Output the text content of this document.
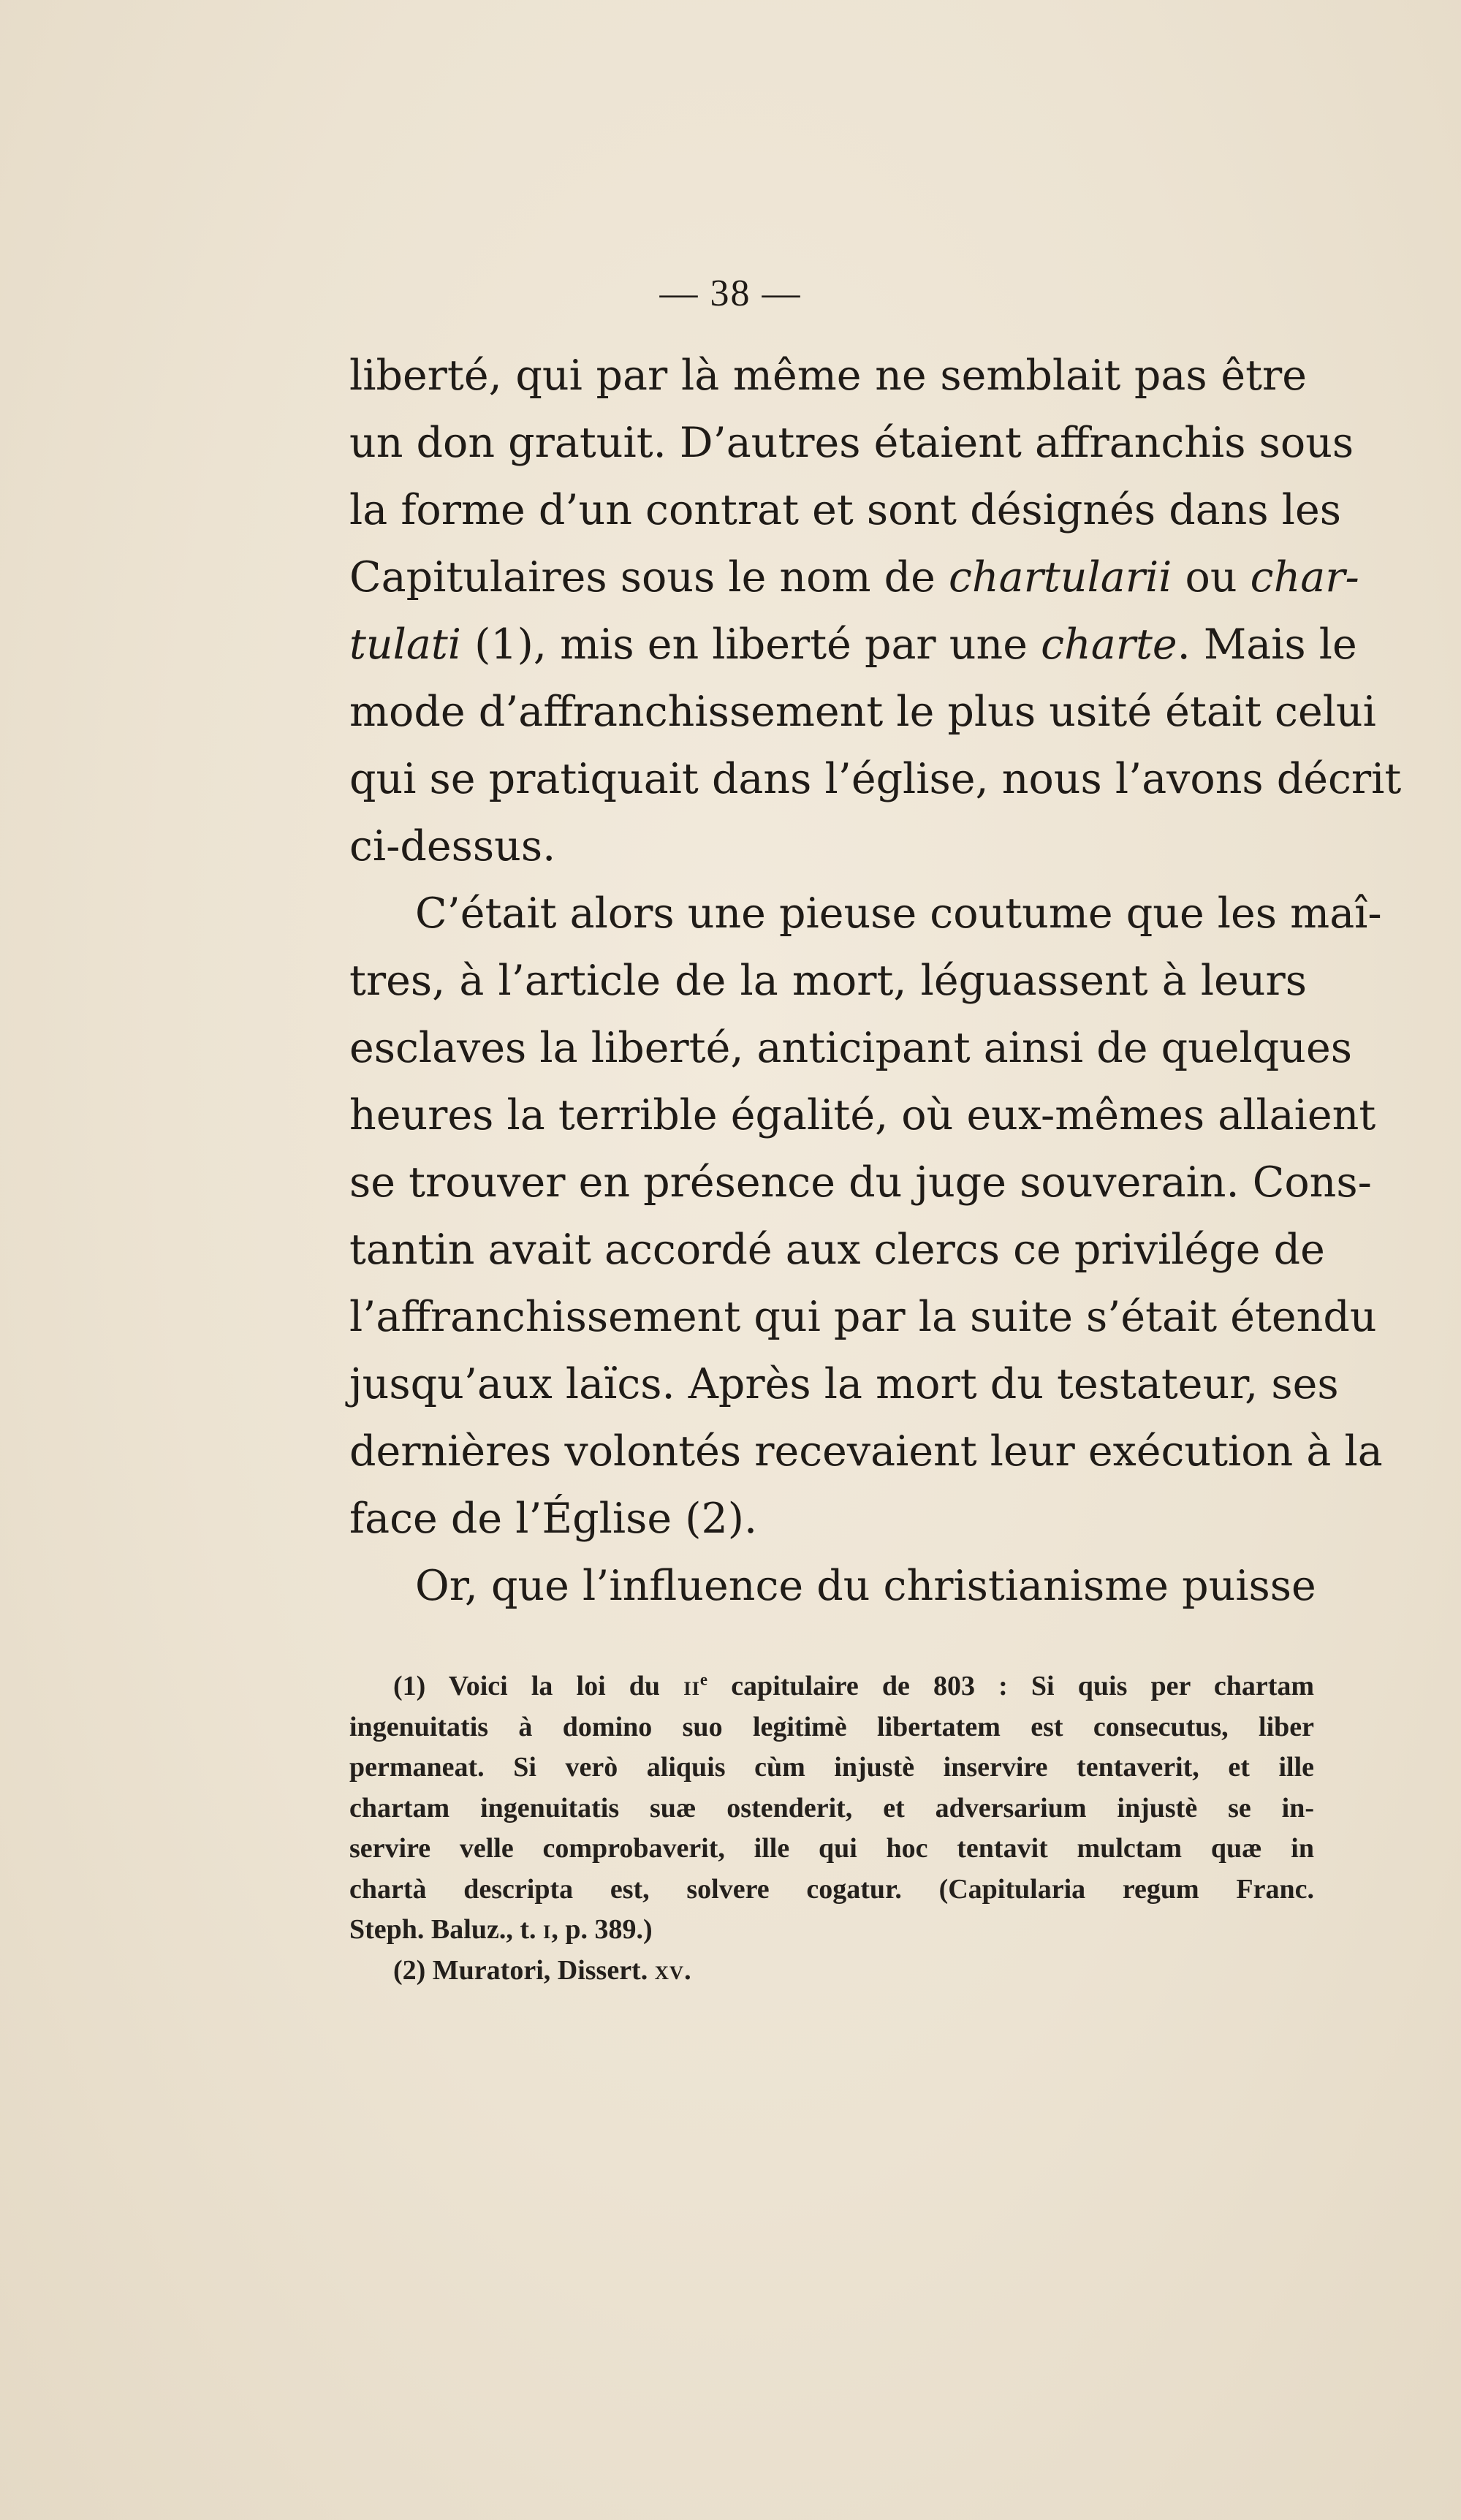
— 38 —
liberté, qui par là même ne semblait pas être
un don gratuit. D’autres étaient affranchis sous
la forme d’un contrat et sont désignés dans les
Capitulaires sous le nom de chartularii ou char-
tulati (1), mis en liberté par une charte. Mais le
mode d’affranchissement le plus usité était celui
qui se pratiquait dans l’église, nous l’avons décrit
ci-dessus.
C’était alors une pieuse coutume que les maî-
tres, à l’article de la mort, léguassent à leurs
esclaves la liberté, anticipant ainsi de quelques
heures la terrible égalité, où eux-mêmes allaient
se trouver en présence du juge souverain. Cons-
tantin avait accordé aux clercs ce privilége de
l’affranchissement qui par la suite s’était étendu
jusqu’aux laïcs. Après la mort du testateur, ses
dernières volontés recevaient leur exécution à la
face de l’Église (2).
Or, que l’influence du christianisme puisse
(1) Voici la loi du IIe capitulaire de 803 : Si quis per chartam
ingenuitatis à domino suo legitimè libertatem est consecutus, liber
permaneat. Si verò aliquis cùm injustè inservire tentaverit, et ille
chartam ingenuitatis suæ ostenderit, et adversarium injustè se in-
servire velle comprobaverit, ille qui hoc tentavit mulctam quæ in
chartà descripta est, solvere cogatur. (Capitularia regum Franc.
Steph. Baluz., t. I, p. 389.)
(2) Muratori, Dissert. XV.
